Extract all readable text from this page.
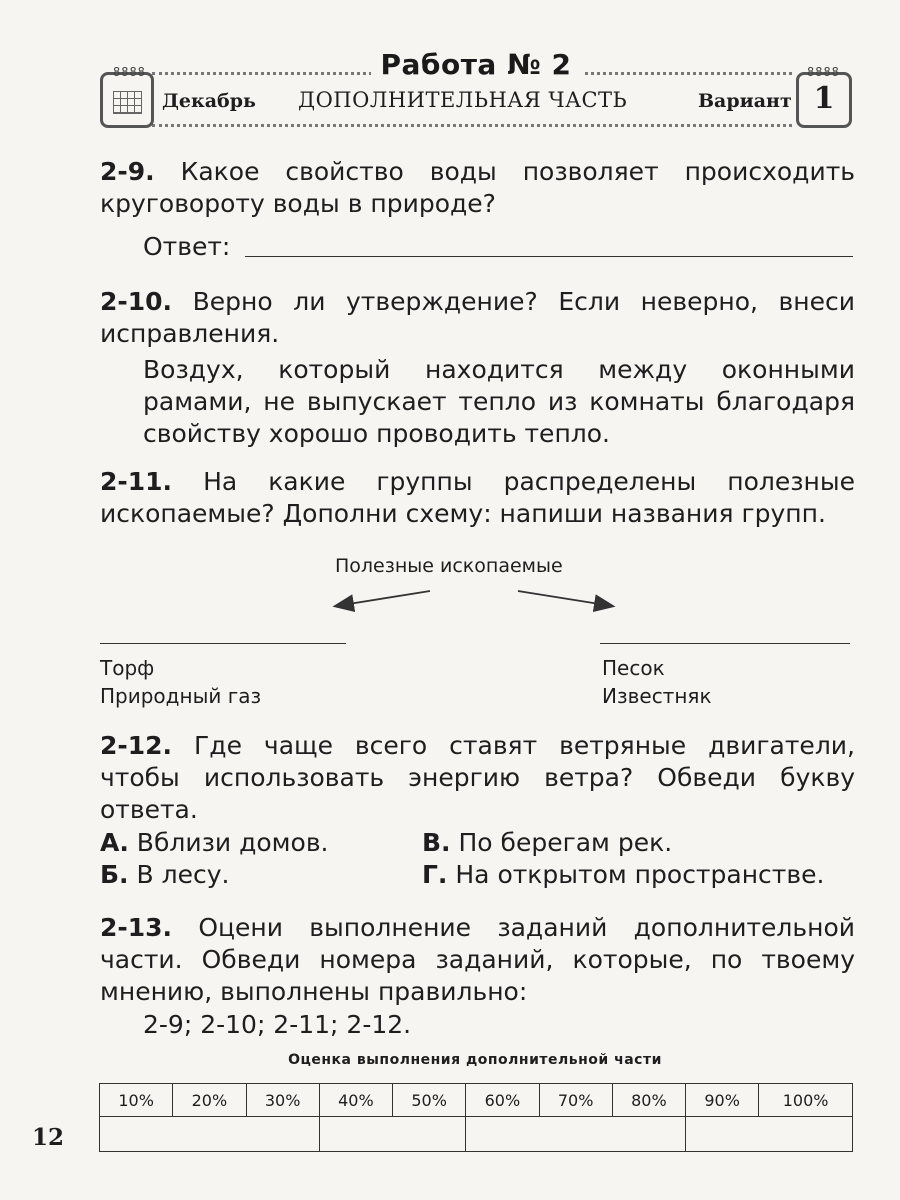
8888	Работа № 2
Декабрь ДОПОЛНИТЕЛЬНАЯ ЧАСТЬ	Вариант
8888
1
2-9. Какое свойство воды позволяет происходить круговороту воды в природе?
Ответ:
2-10. Верно ли утверждение? Если неверно, внеси исправления.
Воздух, который находится между оконными рамами, не выпускает тепло из комнаты благодаря свойству хорошо проводить тепло.
2-11. На какие группы распределены полезные ископаемые? Дополни схему: напиши названия групп.
Полезные ископаемые
Торф
Природный газ
Песок
Известняк
2-12. Где чаще всего ставят ветряные двигатели, чтобы использовать энергию ветра? Обведи букву ответа.
А. Вблизи домов.
Б. В лесу.
В. По берегам рек.
Г. На открытом пространстве.
2-13. Оцени выполнение заданий дополнительной части. Обведи номера заданий, которые, по твоему мнению, выполнены правильно:
2-9; 2-10; 2-11; 2-12.
Оценка выполнения дополнительной части
10%	20%	30%	40%	50%	60%	70%	80%	90%	100%

12
